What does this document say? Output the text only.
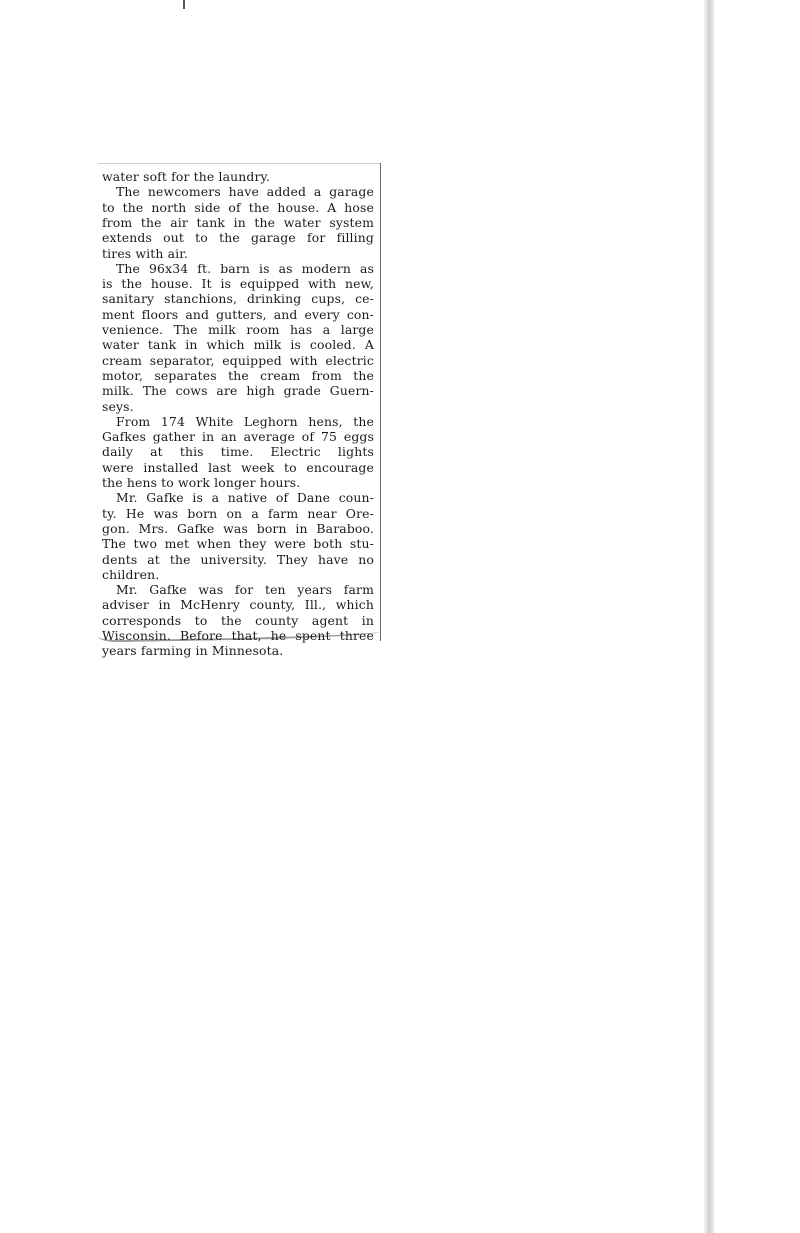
water soft for the laundry.
The newcomers have added a garage
to the north side of the house. A hose
from the air tank in the water system
extends out to the garage for filling
tires with air.
The 96x34 ft. barn is as modern as
is the house. It is equipped with new,
sanitary stanchions, drinking cups, ce-
ment floors and gutters, and every con-
venience. The milk room has a large
water tank in which milk is cooled. A
cream separator, equipped with electric
motor, separates the cream from the
milk. The cows are high grade Guern-
seys.
From 174 White Leghorn hens, the
Gafkes gather in an average of 75 eggs
daily at this time. Electric lights
were installed last week to encourage
the hens to work longer hours.
Mr. Gafke is a native of Dane coun-
ty. He was born on a farm near Ore-
gon. Mrs. Gafke was born in Baraboo.
The two met when they were both stu-
dents at the university. They have no
children.
Mr. Gafke was for ten years farm
adviser in McHenry county, Ill., which
corresponds to the county agent in
Wisconsin. Before that, he spent three
years farming in Minnesota.
